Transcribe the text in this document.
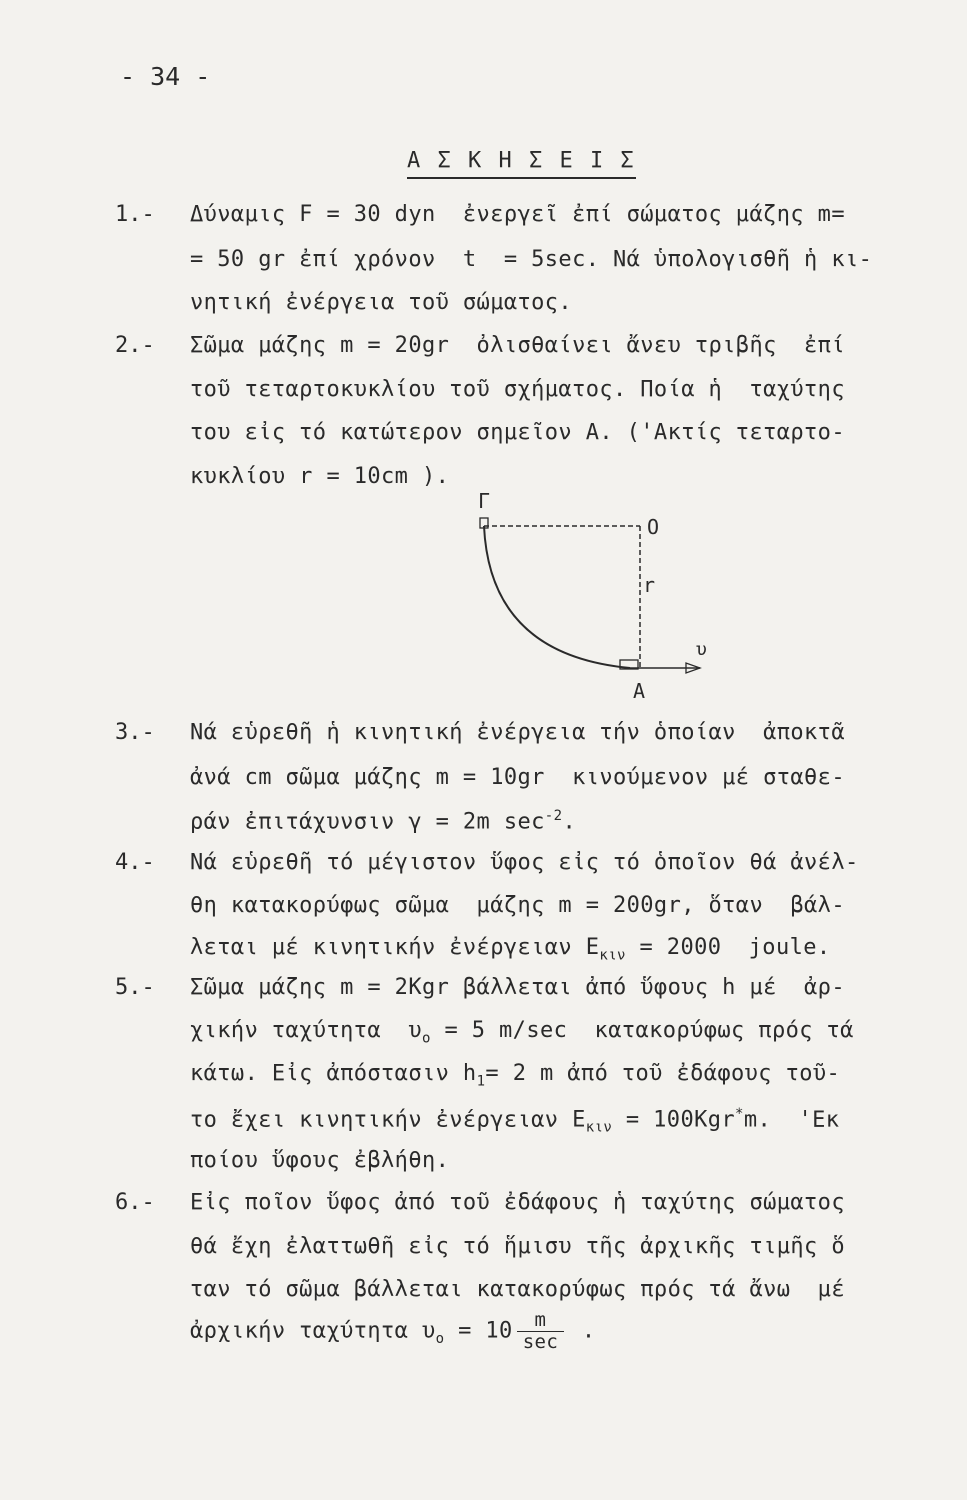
- 34 -
Α Σ Κ Η Σ Ε Ι Σ
1.- Δύναμις F = 30 dyn  ἐνεργεῖ ἐπί σώματος μάζης m=
= 50 gr ἐπί χρόνον  t  = 5sec. Νά ὑπολογισθῆ ἡ κι-
νητική ἐνέργεια τοῦ σώματος.
2.- Σῶμα μάζης m = 20gr  ὀλισθαίνει ἄνευ τριβῆς  ἐπί
τοῦ τεταρτοκυκλίου τοῦ σχήματος. Ποία ἡ  ταχύτης
του εἰς τό κατώτερον σημεῖον Α. ('Ακτίς τεταρτο-
κυκλίου r = 10cm ).
Γ
O
r
υ
A
3.- Νά εὑρεθῆ ἡ κινητική ἐνέργεια τήν ὁποίαν  ἀποκτᾶ
ἀνά cm σῶμα μάζης m = 10gr  κινούμενον μέ σταθε-
ράν ἐπιτάχυνσιν γ = 2m $\sec^{-2}$.
4.- Νά εὑρεθῆ τό μέγιστον ὕφος εἰς τό ὁποῖον θά ἀνέλ-
θη κατακορύφως σῶμα  μάζης m = 200gr, ὅταν  βάλ-
λεται μέ κινητικήν ἐνέργειαν $E_{\kappa\iota\nu} = 2000$  joule.
5.- Σῶμα μάζης m = 2Kgr βάλλεται ἀπό ὕφους h μέ  ἀρ-
χικήν ταχύτητα  $\upsilon_o = 5$ m/sec  κατακορύφως πρός τά
κάτω. Εἰς ἀπόστασιν $h_1= 2$ m ἀπό τοῦ ἐδάφους τοῦ-
το ἔχει κινητικήν ἐνέργειαν $E_{\kappa\iota\nu} = 100Kgr^*m$.  'Εκ
ποίου ὕφους ἐβλήθη.
6.- Εἰς ποῖον ὕφος ἀπό τοῦ ἐδάφους ἡ ταχύτης σώματος
θά ἔχη ἐλαττωθῆ εἰς τό ἥμισυ τῆς ἀρχικῆς τιμῆς ὅ
ταν τό σῶμα βάλλεται κατακορύφως πρός τά ἄνω  μέ
ἀρχικήν ταχύτητα $\upsilon_o = 10 \frac{m}{\sec}$ .
